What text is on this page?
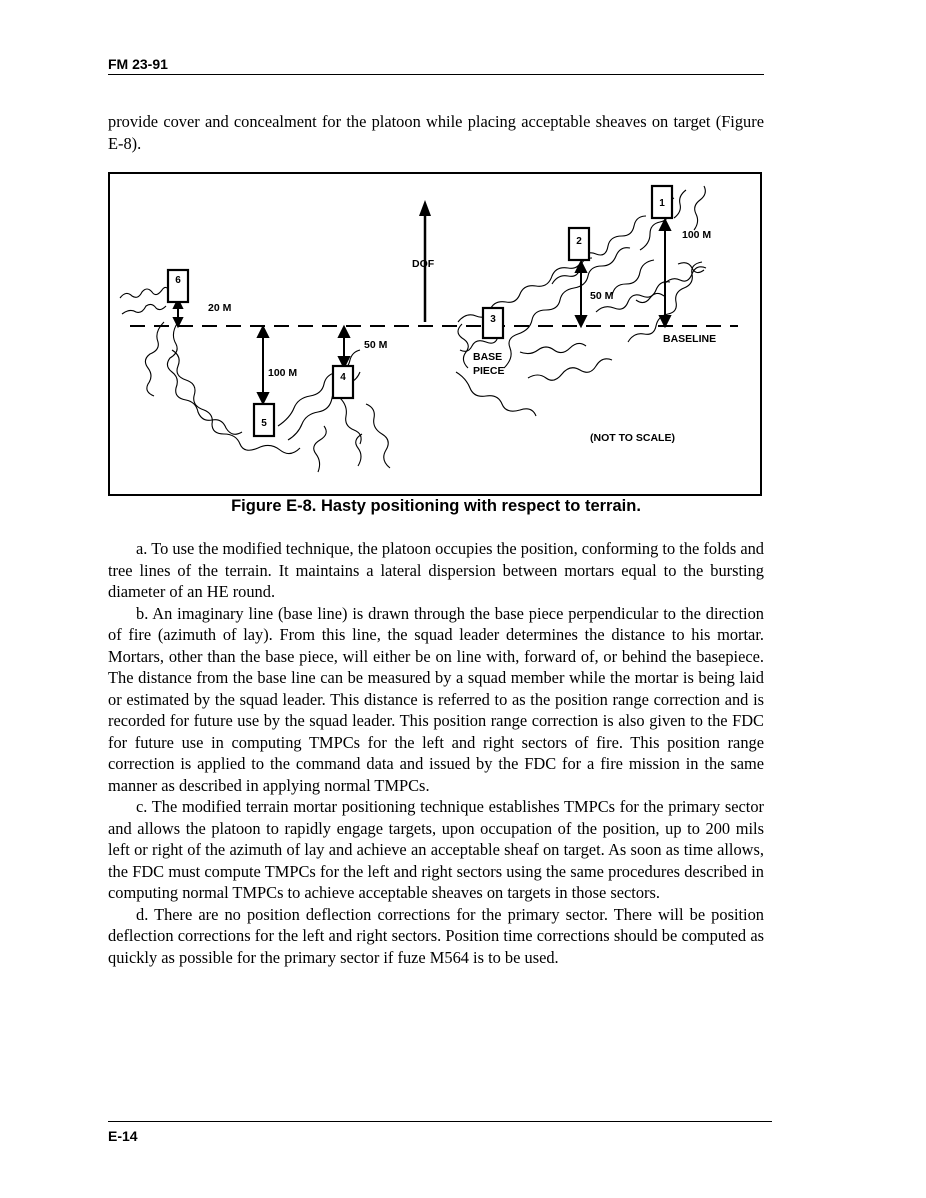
FM 23-91

provide cover and concealment for the platoon while placing acceptable sheaves on target (Figure E-8).

1
2
3
4
5
6
DOF
20 M
100 M
50 M
50 M
100 M
BASELINE
BASE
PIECE
(NOT TO SCALE)
Figure E-8. Hasty positioning with respect to terrain.

a. To use the modified technique, the platoon occupies the position, conforming to the folds and tree lines of the terrain. It maintains a lateral dispersion between mortars equal to the bursting diameter of an HE round.

b. An imaginary line (base line) is drawn through the base piece perpendicular to the direction of fire (azimuth of lay). From this line, the squad leader determines the distance to his mortar. Mortars, other than the base piece, will either be on line with, forward of, or behind the basepiece. The distance from the base line can be measured by a squad member while the mortar is being laid or estimated by the squad leader. This distance is referred to as the position range correction and is recorded for future use by the squad leader. This position range correction is also given to the FDC for future use in computing TMPCs for the left and right sectors of fire. This position range correction is applied to the command data and issued by the FDC for a fire mission in the same manner as described in applying normal TMPCs.

c. The modified terrain mortar positioning technique establishes TMPCs for the primary sector and allows the platoon to rapidly engage targets, upon occupation of the position, up to 200 mils left or right of the azimuth of lay and achieve an acceptable sheaf on target. As soon as time allows, the FDC must compute TMPCs for the left and right sectors using the same procedures described in computing normal TMPCs to achieve acceptable sheaves on targets in those sectors.

d. There are no position deflection corrections for the primary sector. There will be position deflection corrections for the left and right sectors. Position time corrections should be computed as quickly as possible for the primary sector if fuze M564 is to be used.

E-14
